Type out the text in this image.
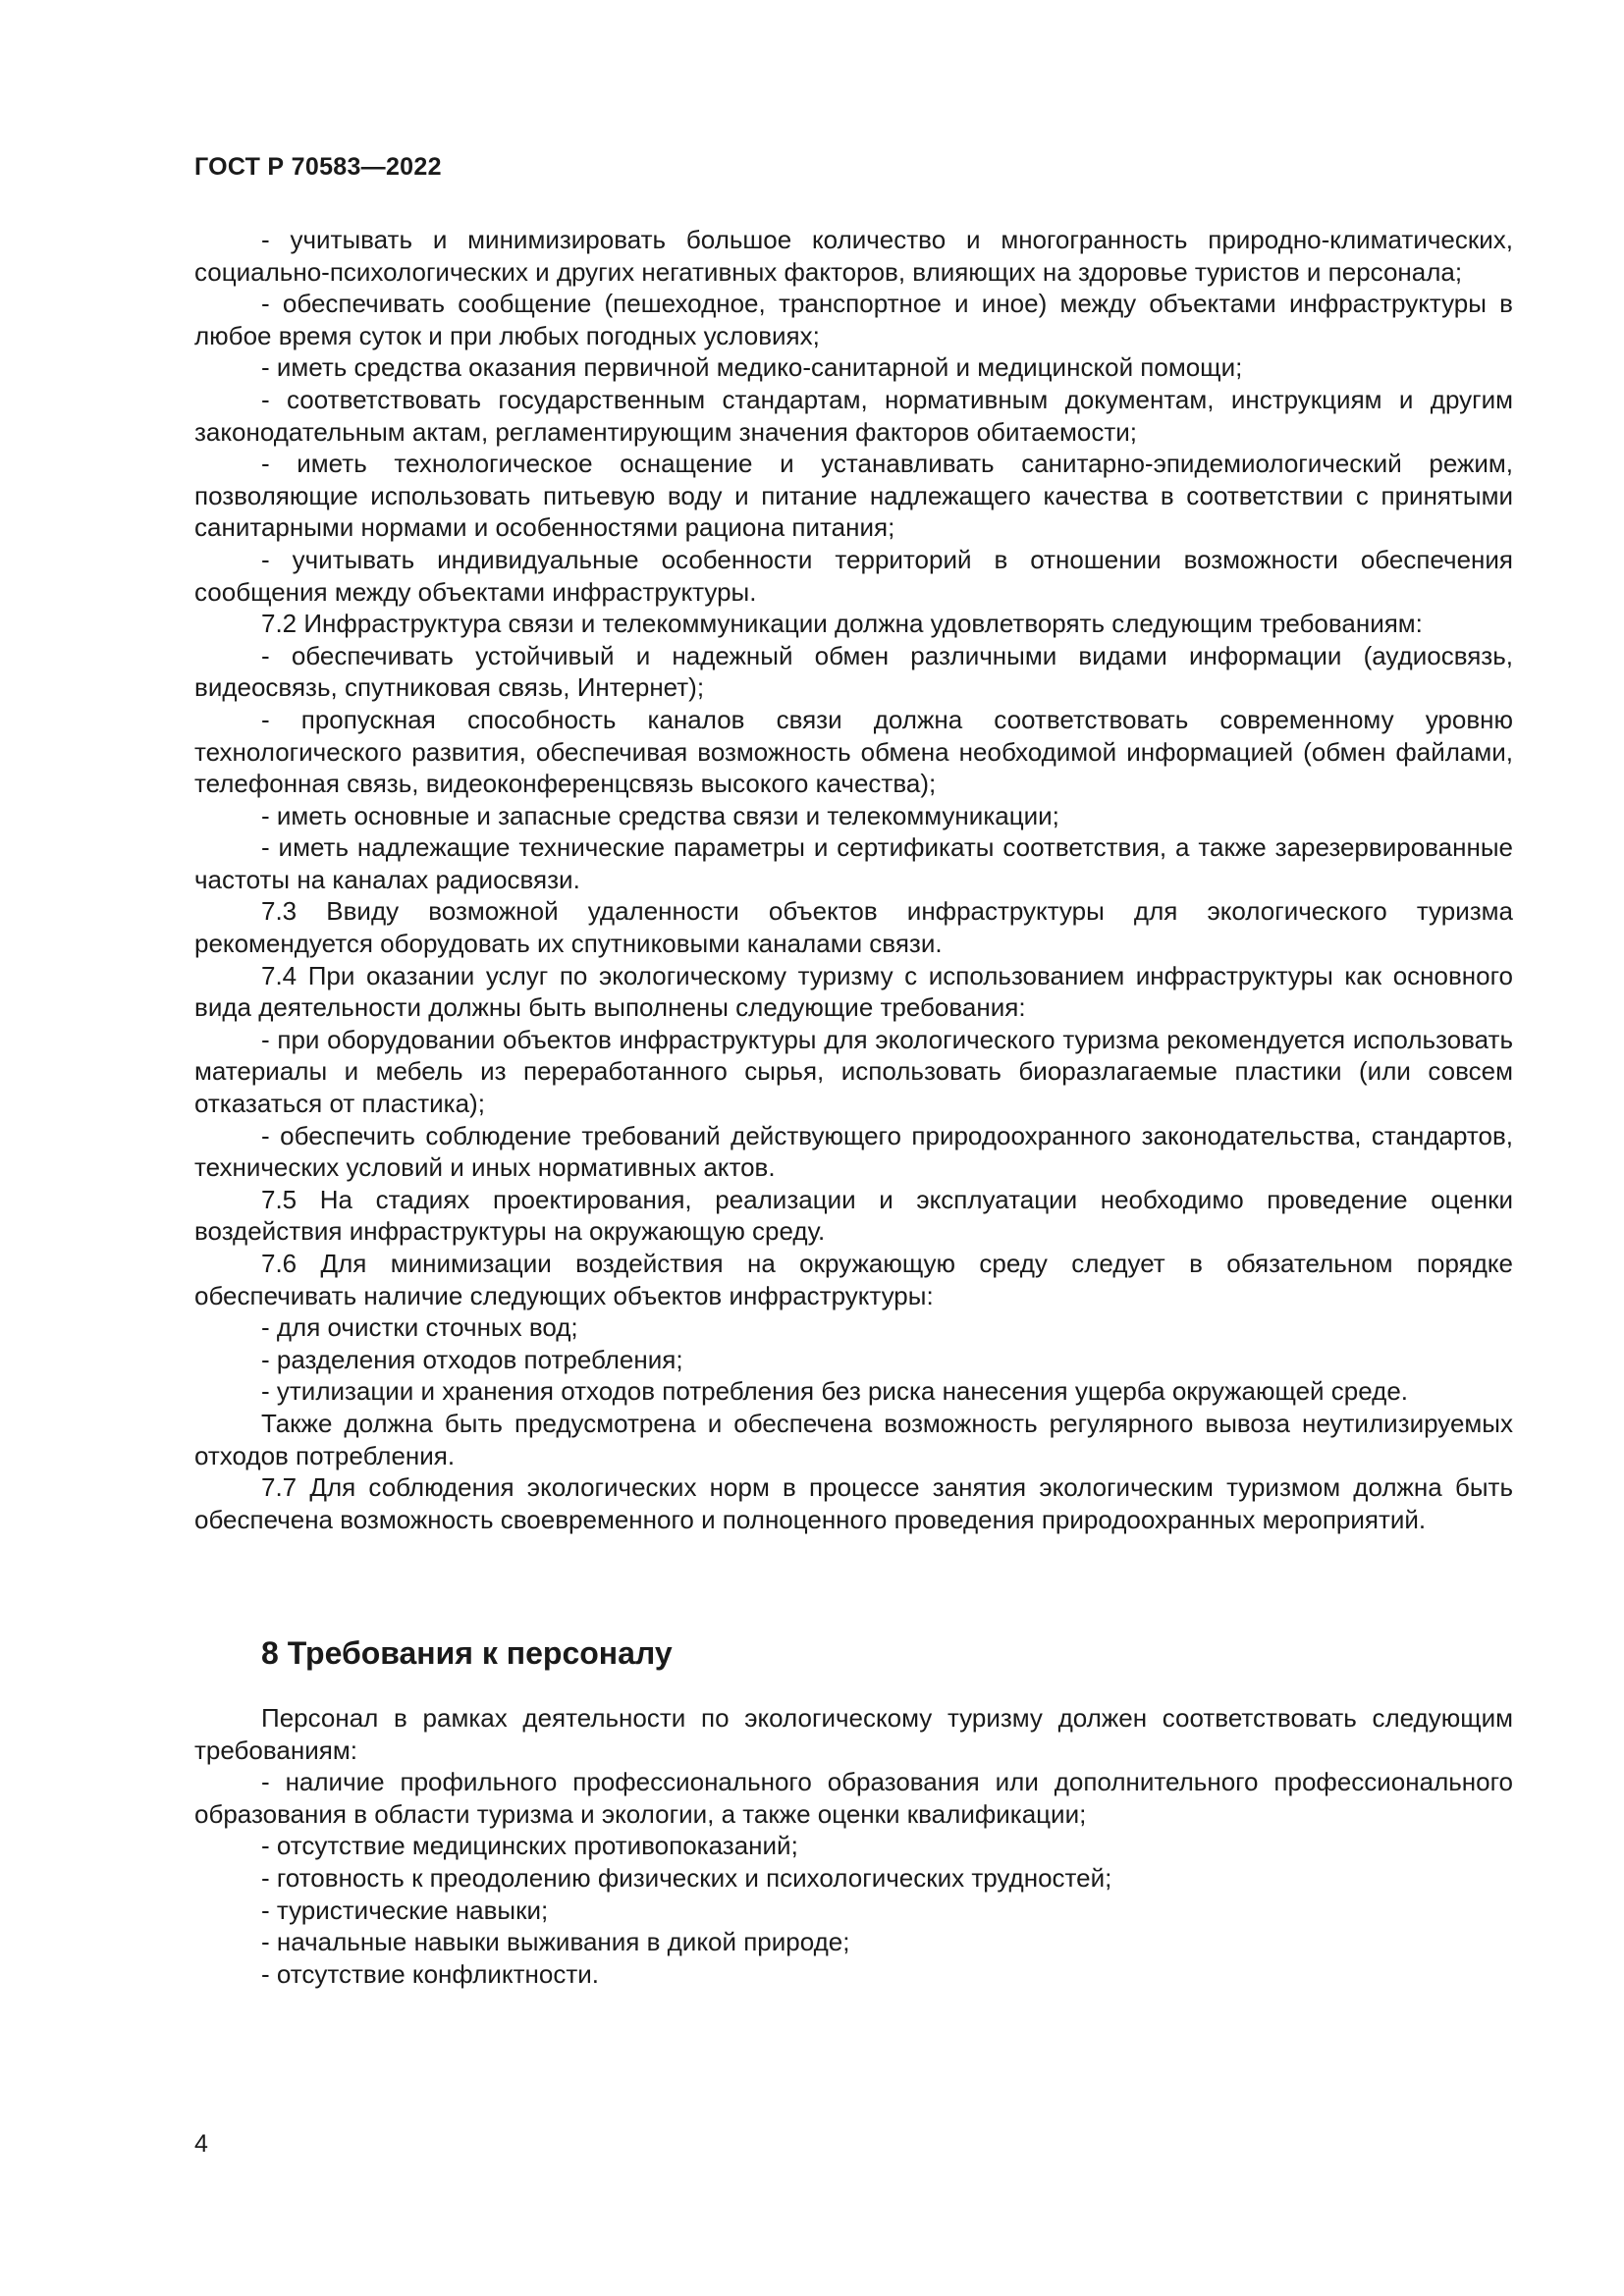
ГОСТ Р 70583—2022

- учитывать и минимизировать большое количество и многогранность природно-климатических, социально-психологических и других негативных факторов, влияющих на здоровье туристов и персонала;

- обеспечивать сообщение (пешеходное, транспортное и иное) между объектами инфраструктуры в любое время суток и при любых погодных условиях;

- иметь средства оказания первичной медико-санитарной и медицинской помощи;

- соответствовать государственным стандартам, нормативным документам, инструкциям и другим законодательным актам, регламентирующим значения факторов обитаемости;

- иметь технологическое оснащение и устанавливать санитарно-эпидемиологический режим, позволяющие использовать питьевую воду и питание надлежащего качества в соответствии с принятыми санитарными нормами и особенностями рациона питания;

- учитывать индивидуальные особенности территорий в отношении возможности обеспечения сообщения между объектами инфраструктуры.

7.2 Инфраструктура связи и телекоммуникации должна удовлетворять следующим требованиям:

- обеспечивать устойчивый и надежный обмен различными видами информации (аудиосвязь, видеосвязь, спутниковая связь, Интернет);

- пропускная способность каналов связи должна соответствовать современному уровню технологического развития, обеспечивая возможность обмена необходимой информацией (обмен файлами, телефонная связь, видеоконференцсвязь высокого качества);

- иметь основные и запасные средства связи и телекоммуникации;

- иметь надлежащие технические параметры и сертификаты соответствия, а также зарезервированные частоты на каналах радиосвязи.

7.3 Ввиду возможной удаленности объектов инфраструктуры для экологического туризма рекомендуется оборудовать их спутниковыми каналами связи.

7.4 При оказании услуг по экологическому туризму с использованием инфраструктуры как основного вида деятельности должны быть выполнены следующие требования:

- при оборудовании объектов инфраструктуры для экологического туризма рекомендуется использовать материалы и мебель из переработанного сырья, использовать биоразлагаемые пластики (или совсем отказаться от пластика);

- обеспечить соблюдение требований действующего природоохранного законодательства, стандартов, технических условий и иных нормативных актов.

7.5 На стадиях проектирования, реализации и эксплуатации необходимо проведение оценки воздействия инфраструктуры на окружающую среду.

7.6 Для минимизации воздействия на окружающую среду следует в обязательном порядке обеспечивать наличие следующих объектов инфраструктуры:

- для очистки сточных вод;

- разделения отходов потребления;

- утилизации и хранения отходов потребления без риска нанесения ущерба окружающей среде.

Также должна быть предусмотрена и обеспечена возможность регулярного вывоза неутилизируемых отходов потребления.

7.7 Для соблюдения экологических норм в процессе занятия экологическим туризмом должна быть обеспечена возможность своевременного и полноценного проведения природоохранных мероприятий.

8 Требования к персоналу

Персонал в рамках деятельности по экологическому туризму должен соответствовать следующим требованиям:

- наличие профильного профессионального образования или дополнительного профессионального образования в области туризма и экологии, а также оценки квалификации;

- отсутствие медицинских противопоказаний;

- готовность к преодолению физических и психологических трудностей;

- туристические навыки;

- начальные навыки выживания в дикой природе;

- отсутствие конфликтности.

4
